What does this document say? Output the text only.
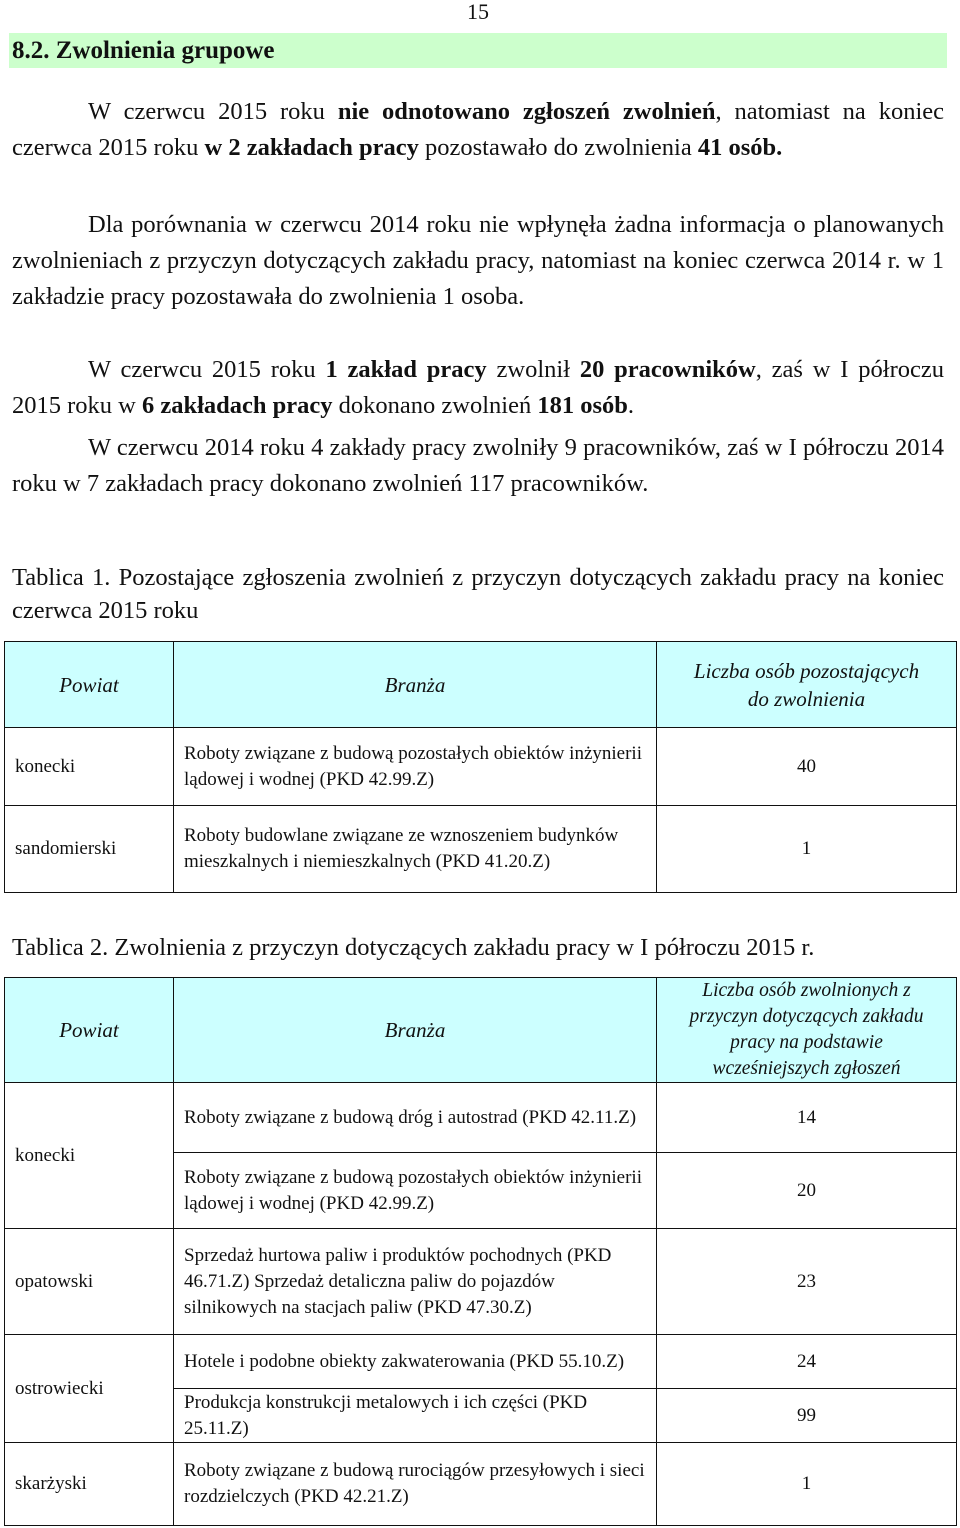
15
8.2. Zwolnienia grupowe

W czerwcu 2015 roku nie odnotowano zgłoszeń zwolnień, natomiast na koniec czerwca 2015 roku w 2 zakładach pracy pozostawało do zwolnienia 41 osób.

Dla porównania w czerwcu 2014 roku nie wpłynęła żadna informacja o planowanych zwolnieniach z przyczyn dotyczących zakładu pracy, natomiast na koniec czerwca 2014 r. w 1 zakładzie pracy pozostawała do zwolnienia 1 osoba.

W czerwcu 2015 roku 1 zakład pracy zwolnił 20 pracowników, zaś w I półroczu 2015 roku w 6 zakładach pracy dokonano zwolnień 181 osób.

W czerwcu 2014 roku 4 zakłady pracy zwolniły 9 pracowników, zaś w I półroczu 2014 roku w 7 zakładach pracy dokonano zwolnień 117 pracowników.

Tablica 1. Pozostające zgłoszenia zwolnień z przyczyn dotyczących zakładu pracy na koniec czerwca 2015 roku

Powiat	Branża	Liczba osób pozostających do zwolnienia
konecki	Roboty związane z budową pozostałych obiektów inżynierii lądowej i wodnej (PKD 42.99.Z)	40
sandomierski	Roboty budowlane związane ze wznoszeniem budynków mieszkalnych i niemieszkalnych (PKD 41.20.Z)	1

Tablica 2. Zwolnienia z przyczyn dotyczących zakładu pracy w I półroczu 2015 r.

Powiat	Branża	Liczba osób zwolnionych z przyczyn dotyczących zakładu pracy na podstawie wcześniejszych zgłoszeń
konecki	Roboty związane z budową dróg i autostrad (PKD 42.11.Z)	14
	Roboty związane z budową pozostałych obiektów inżynierii lądowej i wodnej (PKD 42.99.Z)	20
opatowski	Sprzedaż hurtowa paliw i produktów pochodnych (PKD 46.71.Z) Sprzedaż detaliczna paliw do pojazdów silnikowych na stacjach paliw (PKD 47.30.Z)	23
ostrowiecki	Hotele i podobne obiekty zakwaterowania (PKD 55.10.Z)	24
	Produkcja konstrukcji metalowych i ich części (PKD 25.11.Z)	99
skarżyski	Roboty związane z budową rurociągów przesyłowych i sieci rozdzielczych (PKD 42.21.Z)	1
